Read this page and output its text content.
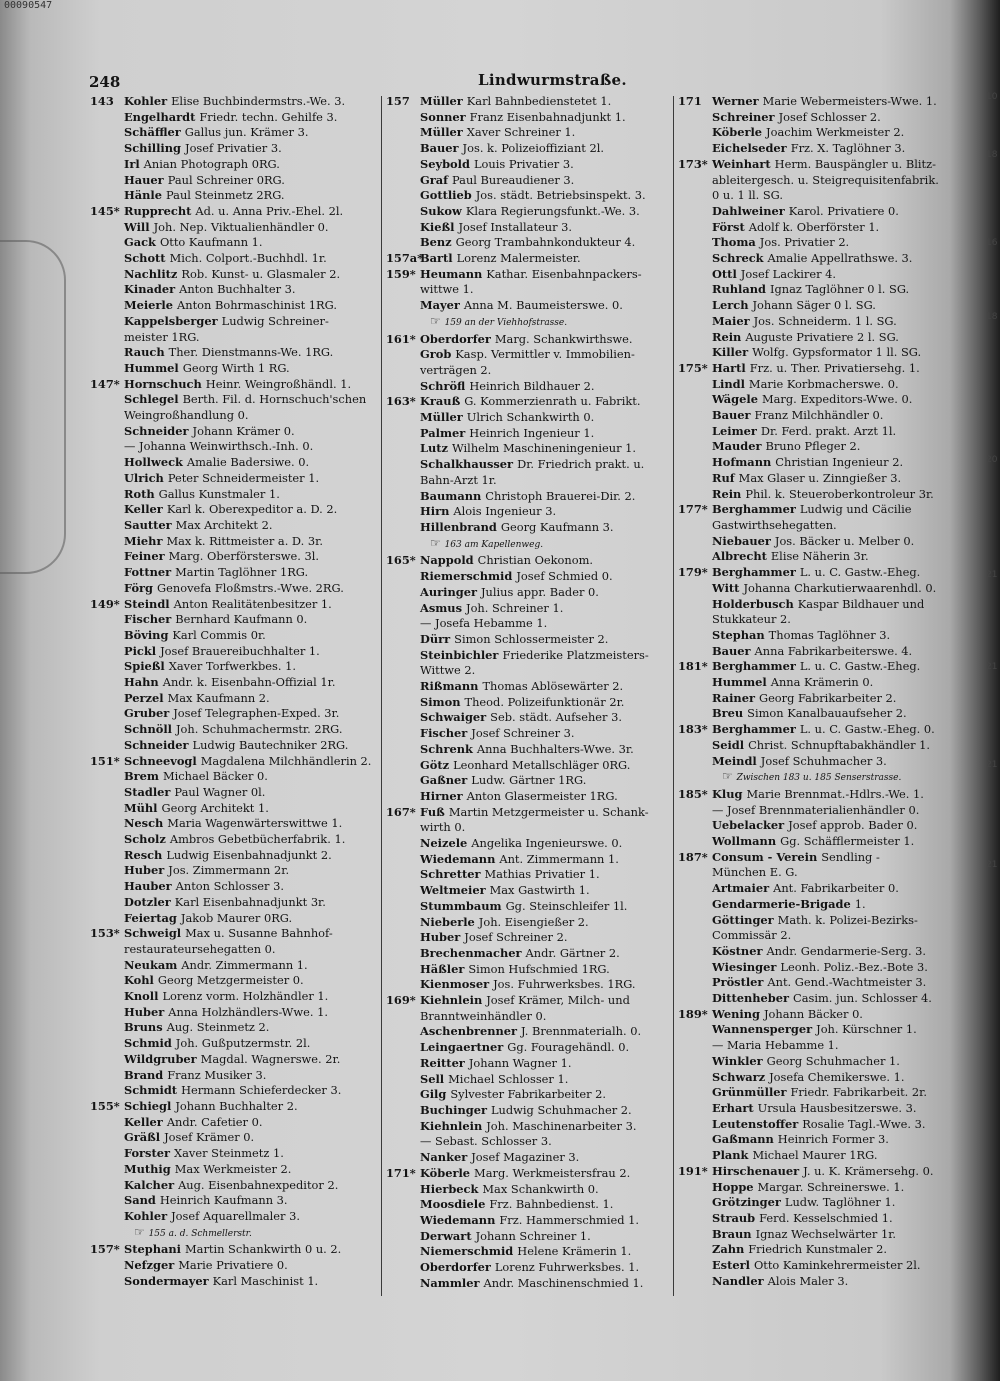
00090547
248	Lindwurmstraße.
143 Kohler Elise Buchbindermstrs.-We. 3.
Engelhardt Friedr. techn. Gehilfe 3.
Schäffler Gallus jun. Krämer 3.
Schilling Josef Privatier 3.
Irl Anian Photograph 0RG.
Hauer Paul Schreiner 0RG.
Hänle Paul Steinmetz 2RG.
145* Rupprecht Ad. u. Anna Priv.-Ehel. 2l.
Will Joh. Nep. Viktualienhändler 0.
Gack Otto Kaufmann 1.
Schott Mich. Colport.-Buchhdl. 1r.
Nachlitz Rob. Kunst- u. Glasmaler 2.
Kinader Anton Buchhalter 3.
Meierle Anton Bohrmaschinist 1RG.
Kappelsberger Ludwig Schreiner-
meister 1RG.
Rauch Ther. Dienstmanns-We. 1RG.
Hummel Georg Wirth 1 RG.
147* Hornschuch Heinr. Weingroßhändl. 1.
Schlegel Berth. Fil. d. Hornschuch'schen
Weingroßhandlung 0.
Schneider Johann Krämer 0.
— Johanna Weinwirthsch.-Inh. 0.
Hollweck Amalie Badersiwe. 0.
Ulrich Peter Schneidermeister 1.
Roth Gallus Kunstmaler 1.
Keller Karl k. Oberexpeditor a. D. 2.
Sautter Max Architekt 2.
Miehr Max k. Rittmeister a. D. 3r.
Feiner Marg. Oberförsterswe. 3l.
Fottner Martin Taglöhner 1RG.
Förg Genovefa Floßmstrs.-Wwe. 2RG.
149* Steindl Anton Realitätenbesitzer 1.
Fischer Bernhard Kaufmann 0.
Böving Karl Commis 0r.
Pickl Josef Brauereibuchhalter 1.
Spießl Xaver Torfwerkbes. 1.
Hahn Andr. k. Eisenbahn-Offizial 1r.
Perzel Max Kaufmann 2.
Gruber Josef Telegraphen-Exped. 3r.
Schnöll Joh. Schuhmachermstr. 2RG.
Schneider Ludwig Bautechniker 2RG.
151* Schneevogl Magdalena Milchhändlerin 2.
Brem Michael Bäcker 0.
Stadler Paul Wagner 0l.
Mühl Georg Architekt 1.
Nesch Maria Wagenwärterswittwe 1.
Scholz Ambros Gebetbücherfabrik. 1.
Resch Ludwig Eisenbahnadjunkt 2.
Huber Jos. Zimmermann 2r.
Hauber Anton Schlosser 3.
Dotzler Karl Eisenbahnadjunkt 3r.
Feiertag Jakob Maurer 0RG.
153* Schweigl Max u. Susanne Bahnhof-
restaurateursehegatten 0.
Neukam Andr. Zimmermann 1.
Kohl Georg Metzgermeister 0.
Knoll Lorenz vorm. Holzhändler 1.
Huber Anna Holzhändlers-Wwe. 1.
Bruns Aug. Steinmetz 2.
Schmid Joh. Gußputzermstr. 2l.
Wildgruber Magdal. Wagnerswe. 2r.
Brand Franz Musiker 3.
Schmidt Hermann Schieferdecker 3.
155* Schiegl Johann Buchhalter 2.
Keller Andr. Cafetier 0.
Gräßl Josef Krämer 0.
Forster Xaver Steinmetz 1.
Muthig Max Werkmeister 2.
Kalcher Aug. Eisenbahnexpeditor 2.
Sand Heinrich Kaufmann 3.
Kohler Josef Aquarellmaler 3.
☞ 155 a. d. Schmellerstr.
157* Stephani Martin Schankwirth 0 u. 2.
Nefzger Marie Privatiere 0.
Sondermayer Karl Maschinist 1.
157 Müller Karl Bahnbedienstetet 1.
Sonner Franz Eisenbahnadjunkt 1.
Müller Xaver Schreiner 1.
Bauer Jos. k. Polizeioffiziant 2l.
Seybold Louis Privatier 3.
Graf Paul Bureaudiener 3.
Gottlieb Jos. städt. Betriebsinspekt. 3.
Sukow Klara Regierungsfunkt.-We. 3.
Kießl Josef Installateur 3.
Benz Georg Trambahnkondukteur 4.
157a*
Bartl Lorenz Malermeister.
159* Heumann Kathar. Eisenbahnpackers-
wittwe 1.
Mayer Anna M. Baumeisterswe. 0.
☞ 159 an der Viehhofstrasse.
161* Oberdorfer Marg. Schankwirthswe.
Grob Kasp. Vermittler v. Immobilien-
verträgen 2.
Schröfl Heinrich Bildhauer 2.
163* Krauß G. Kommerzienrath u. Fabrikt.
Müller Ulrich Schankwirth 0.
Palmer Heinrich Ingenieur 1.
Lutz Wilhelm Maschineningenieur 1.
Schalkhausser Dr. Friedrich prakt. u.
Bahn-Arzt 1r.
Baumann Christoph Brauerei-Dir. 2.
Hirn Alois Ingenieur 3.
Hillenbrand Georg Kaufmann 3.
☞ 163 am Kapellenweg.
165* Nappold Christian Oekonom.
Riemerschmid Josef Schmied 0.
Auringer Julius appr. Bader 0.
Asmus Joh. Schreiner 1.
— Josefa Hebamme 1.
Dürr Simon Schlossermeister 2.
Steinbichler Friederike Platzmeisters-
Wittwe 2.
Rißmann Thomas Ablösewärter 2.
Simon Theod. Polizeifunktionär 2r.
Schwaiger Seb. städt. Aufseher 3.
Fischer Josef Schreiner 3.
Schrenk Anna Buchhalters-Wwe. 3r.
Götz Leonhard Metallschläger 0RG.
Gaßner Ludw. Gärtner 1RG.
Hirner Anton Glasermeister 1RG.
167* Fuß Martin Metzgermeister u. Schank-
wirth 0.
Neizele Angelika Ingenieurswe. 0.
Wiedemann Ant. Zimmermann 1.
Schretter Mathias Privatier 1.
Weltmeier Max Gastwirth 1.
Stummbaum Gg. Steinschleifer 1l.
Nieberle Joh. Eisengießer 2.
Huber Josef Schreiner 2.
Brechenmacher Andr. Gärtner 2.
Häßler Simon Hufschmied 1RG.
Kienmoser Jos. Fuhrwerksbes. 1RG.
169* Kiehnlein Josef Krämer, Milch- und
Branntweinhändler 0.
Aschenbrenner J. Brennmaterialh. 0.
Leingaertner Gg. Fouragehändl. 0.
Reitter Johann Wagner 1.
Sell Michael Schlosser 1.
Gilg Sylvester Fabrikarbeiter 2.
Buchinger Ludwig Schuhmacher 2.
Kiehnlein Joh. Maschinenarbeiter 3.
— Sebast. Schlosser 3.
Nanker Josef Magaziner 3.
171* Köberle Marg. Werkmeistersfrau 2.
Hierbeck Max Schankwirth 0.
Moosdiele Frz. Bahnbedienst. 1.
Wiedemann Frz. Hammerschmied 1.
Derwart Johann Schreiner 1.
Niemerschmid Helene Krämerin 1.
Oberdorfer Lorenz Fuhrwerksbes. 1.
Nammler Andr. Maschinenschmied 1.
171 Werner Marie Webermeisters-Wwe. 1.
Schreiner Josef Schlosser 2.
Köberle Joachim Werkmeister 2.
Eichelseder Frz. X. Taglöhner 3.
173* Weinhart Herm. Bauspängler u. Blitz-
ableitergesch. u. Steigrequisitenfabrik.
0 u. 1 ll. SG.
Dahlweiner Karol. Privatiere 0.
Först Adolf k. Oberförster 1.
Thoma Jos. Privatier 2.
Schreck Amalie Appellrathswe. 3.
Ottl Josef Lackirer 4.
Ruhland Ignaz Taglöhner 0 l. SG.
Lerch Johann Säger 0 l. SG.
Maier Jos. Schneiderm. 1 l. SG.
Rein Auguste Privatiere 2 l. SG.
Killer Wolfg. Gypsformator 1 ll. SG.
175* Hartl Frz. u. Ther. Privatiersehg. 1.
Lindl Marie Korbmacherswe. 0.
Wägele Marg. Expeditors-Wwe. 0.
Bauer Franz Milchhändler 0.
Leimer Dr. Ferd. prakt. Arzt 1l.
Mauder Bruno Pfleger 2.
Hofmann Christian Ingenieur 2.
Ruf Max Glaser u. Zinngießer 3.
Rein Phil. k. Steueroberkontroleur 3r.
177* Berghammer Ludwig und Cäcilie
Gastwirthsehegatten.
Niebauer Jos. Bäcker u. Melber 0.
Albrecht Elise Näherin 3r.
179* Berghammer L. u. C. Gastw.-Eheg.
Witt Johanna Charkutierwaarenhdl. 0.
Holderbusch Kaspar Bildhauer und
Stukkateur 2.
Stephan Thomas Taglöhner 3.
Bauer Anna Fabrikarbeiterswe. 4.
181* Berghammer L. u. C. Gastw.-Eheg.
Hummel Anna Krämerin 0.
Rainer Georg Fabrikarbeiter 2.
Breu Simon Kanalbauaufseher 2.
183* Berghammer L. u. C. Gastw.-Eheg. 0.
Seidl Christ. Schnupftabakhändler 1.
Meindl Josef Schuhmacher 3.
☞ Zwischen 183 u. 185 Senserstrasse.
185* Klug Marie Brennmat.-Hdlrs.-We. 1.
— Josef Brennmaterialienhändler 0.
Uebelacker Josef approb. Bader 0.
Wollmann Gg. Schäfflermeister 1.
187* Consum - Verein Sendling -
München E. G.
Artmaier Ant. Fabrikarbeiter 0.
Gendarmerie-Brigade 1.
Göttinger Math. k. Polizei-Bezirks-
Commissär 2.
Köstner Andr. Gendarmerie-Serg. 3.
Wiesinger Leonh. Poliz.-Bez.-Bote 3.
Pröstler Ant. Gend.-Wachtmeister 3.
Dittenheber Casim. jun. Schlosser 4.
189* Wening Johann Bäcker 0.
Wannensperger Joh. Kürschner 1.
— Maria Hebamme 1.
Winkler Georg Schuhmacher 1.
Schwarz Josefa Chemikerswe. 1.
Grünmüller Friedr. Fabrikarbeit. 2r.
Erhart Ursula Hausbesitzerswe. 3.
Leutenstoffer Rosalie Tagl.-Wwe. 3.
Gaßmann Heinrich Former 3.
Plank Michael Maurer 1RG.
191* Hirschenauer J. u. K. Krämersehg. 0.
Hoppe Margar. Schreinerswe. 1.
Grötzinger Ludw. Taglöhner 1.
Straub Ferd. Kesselschmied 1.
Braun Ignaz Wechselwärter 1r.
Zahn Friedrich Kunstmaler 2.
Esterl Otto Kaminkehrermeister 2l.
Nandler Alois Maler 3.
10
18
16
18
20
21
21
21
21
